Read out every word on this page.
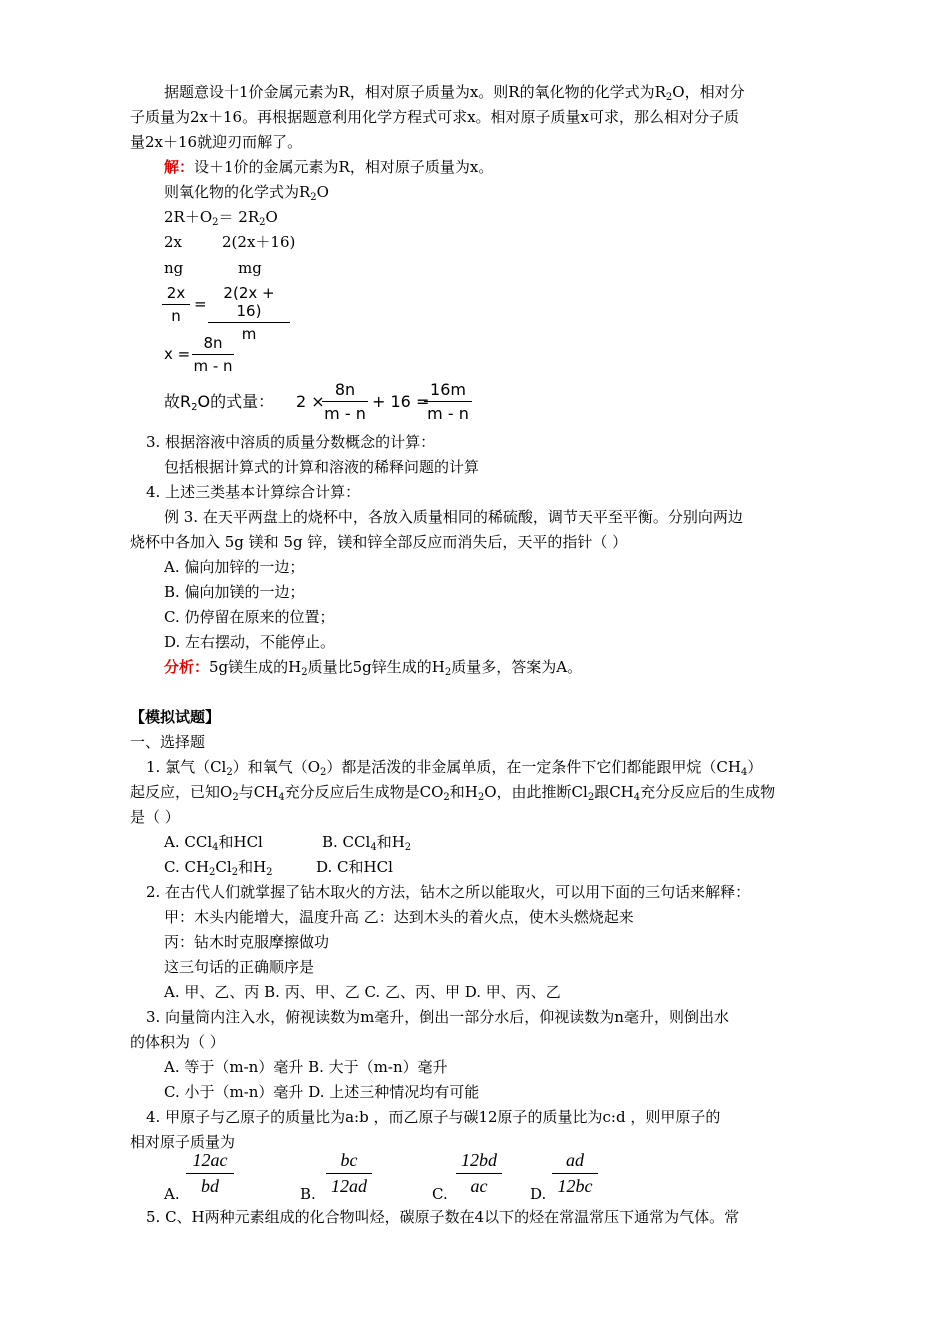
据题意设十1价金属元素为R，相对原子质量为x。则R的氧化物的化学式为$R_2O$，相对分
子质量为2x＋16。再根据题意利用化学方程式可求x。相对原子质量x可求，那么相对分子质
量2x＋16就迎刃而解了。
解：设＋1价的金属元素为R，相对原子质量为x。
则氧化物的化学式为$R_2O$
$2R+O_2= 2R_2O$
2x	2(2x＋16)
ng	mg
$\frac{2x}{n} = \frac{2(2x + 16)}{m}$
$x = \frac{8n}{m - n}$
故$R_2O$的式量： 2 ×
$\frac{8n}{m - n} + 16$ =
$\frac{16m}{m - n}$
3. 根据溶液中溶质的质量分数概念的计算：
包括根据计算式的计算和溶液的稀释问题的计算
4. 上述三类基本计算综合计算：
例 3. 在天平两盘上的烧杯中，各放入质量相同的稀硫酸，调节天平至平衡。分别向两边
烧杯中各加入 5g 镁和 5g 锌，镁和锌全部反应而消失后，天平的指针（ ）
A. 偏向加锌的一边；
B. 偏向加镁的一边；
C. 仍停留在原来的位置；
D. 左右摆动，不能停止。
分析：5g镁生成的$H_2$质量比5g锌生成的$H_2$质量多，答案为A。
【模拟试题】
一、选择题
1. 氯气$(Cl_2)$和氧气$(O_2)$都是活泼的非金属单质，在一定条件下它们都能跟甲烷$(CH_4)$
起反应，已知$O_2$与$CH_4$充分反应后生成物是$CO_2$和$H_2O$，由此推断$Cl_2$跟$CH_4$充分反应后的生成物
是（ ）
A. CCl$_4$和HCl	B. CCl$_4$和$H_2$
C. $CH_2Cl_2$和$H_2$	D. C和HCl
2. 在古代人们就掌握了钻木取火的方法，钻木之所以能取火，可以用下面的三句话来解释：
甲：木头内能增大，温度升高 乙：达到木头的着火点，使木头燃烧起来
丙：钻木时克服摩擦做功
这三句话的正确顺序是
A. 甲、乙、丙 B. 丙、甲、乙 C. 乙、丙、甲 D. 甲、丙、乙
3. 向量筒内注入水，俯视读数为m毫升，倒出一部分水后，仰视读数为n毫升，则倒出水
的体积为（ ）
A. 等于（m-n）毫升 B. 大于（m-n）毫升
C. 小于（m-n）毫升 D. 上述三种情况均有可能
4. 甲原子与乙原子的质量比为a:b ，而乙原子与碳12原子的质量比为c:d ，则甲原子的
相对原子质量为
A. $\frac{12ac}{bd}$	B. $\frac{bc}{12ad}$	C. $\frac{12bd}{ac} D$. $\frac{ad}{12bc}$
5. C、H两种元素组成的化合物叫烃，碳原子数在4以下的烃在常温常压下通常为气体。常
